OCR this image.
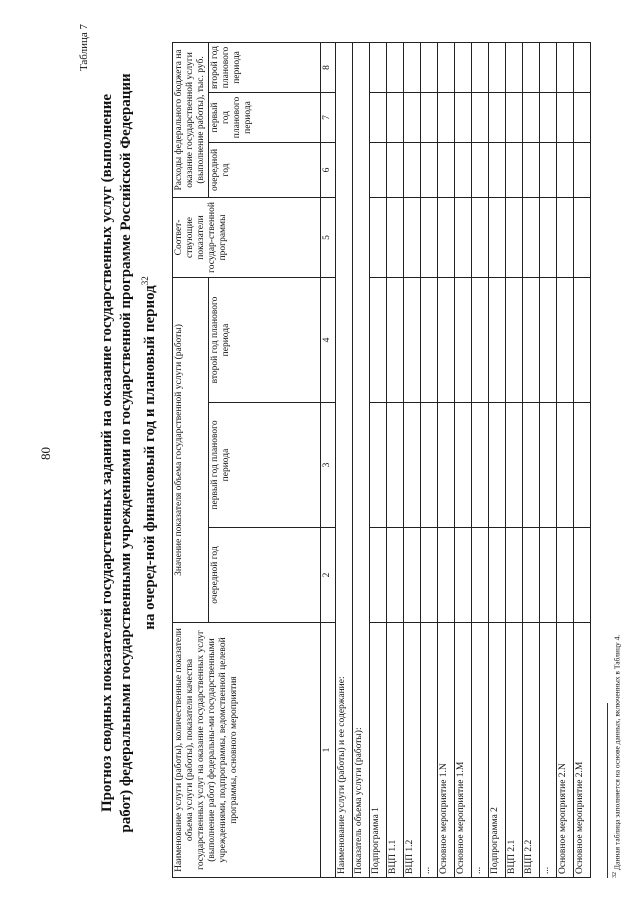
80
Таблица 7
Прогноз сводных показателей государственных заданий на оказание государственных услуг (выполнение работ) федеральными государственными учреждениями по государственной программе Российской Федерации на очеред-ной финансовый год и плановый период$^{32}$
Наименование услуги (работы), количественные показатели объема услуги (работы), показатели качества государственных услуг на оказание государственных услуг (выполнение работ) федеральны-ми государственными учреждениями, подпрограммы, ведомственной целевой программы, основного мероприятия	Значение показателя объема государственной услуги (работы)			Соответ-ствующие показатели государ-ственной программы	Расходы федерального бюджета на оказание государственной услуги (выполнение работы), тыс. руб.		
	очередной год	первый год планового периода	второй год планового периода		очередной год	первый год планового периода	второй год планового периода
1	2	3	4	5	6	7	8
Наименование услуги (работы) и ее содержание:							
Показатель объема услуги (работы):							
Подпрограмма 1							
ВЦП 1.1							
ВЦП 1.2							
...							
Основное мероприятие 1.N							
Основное мероприятие 1.M							
...							
Подпрограмма 2							
ВЦП 2.1							
ВЦП 2.2							
...							
Основное мероприятие 2.N							
Основное мероприятие 2.M							
$^{32}$ Данная таблица заполняется на основе данных, включенных в Таблицу 4.
